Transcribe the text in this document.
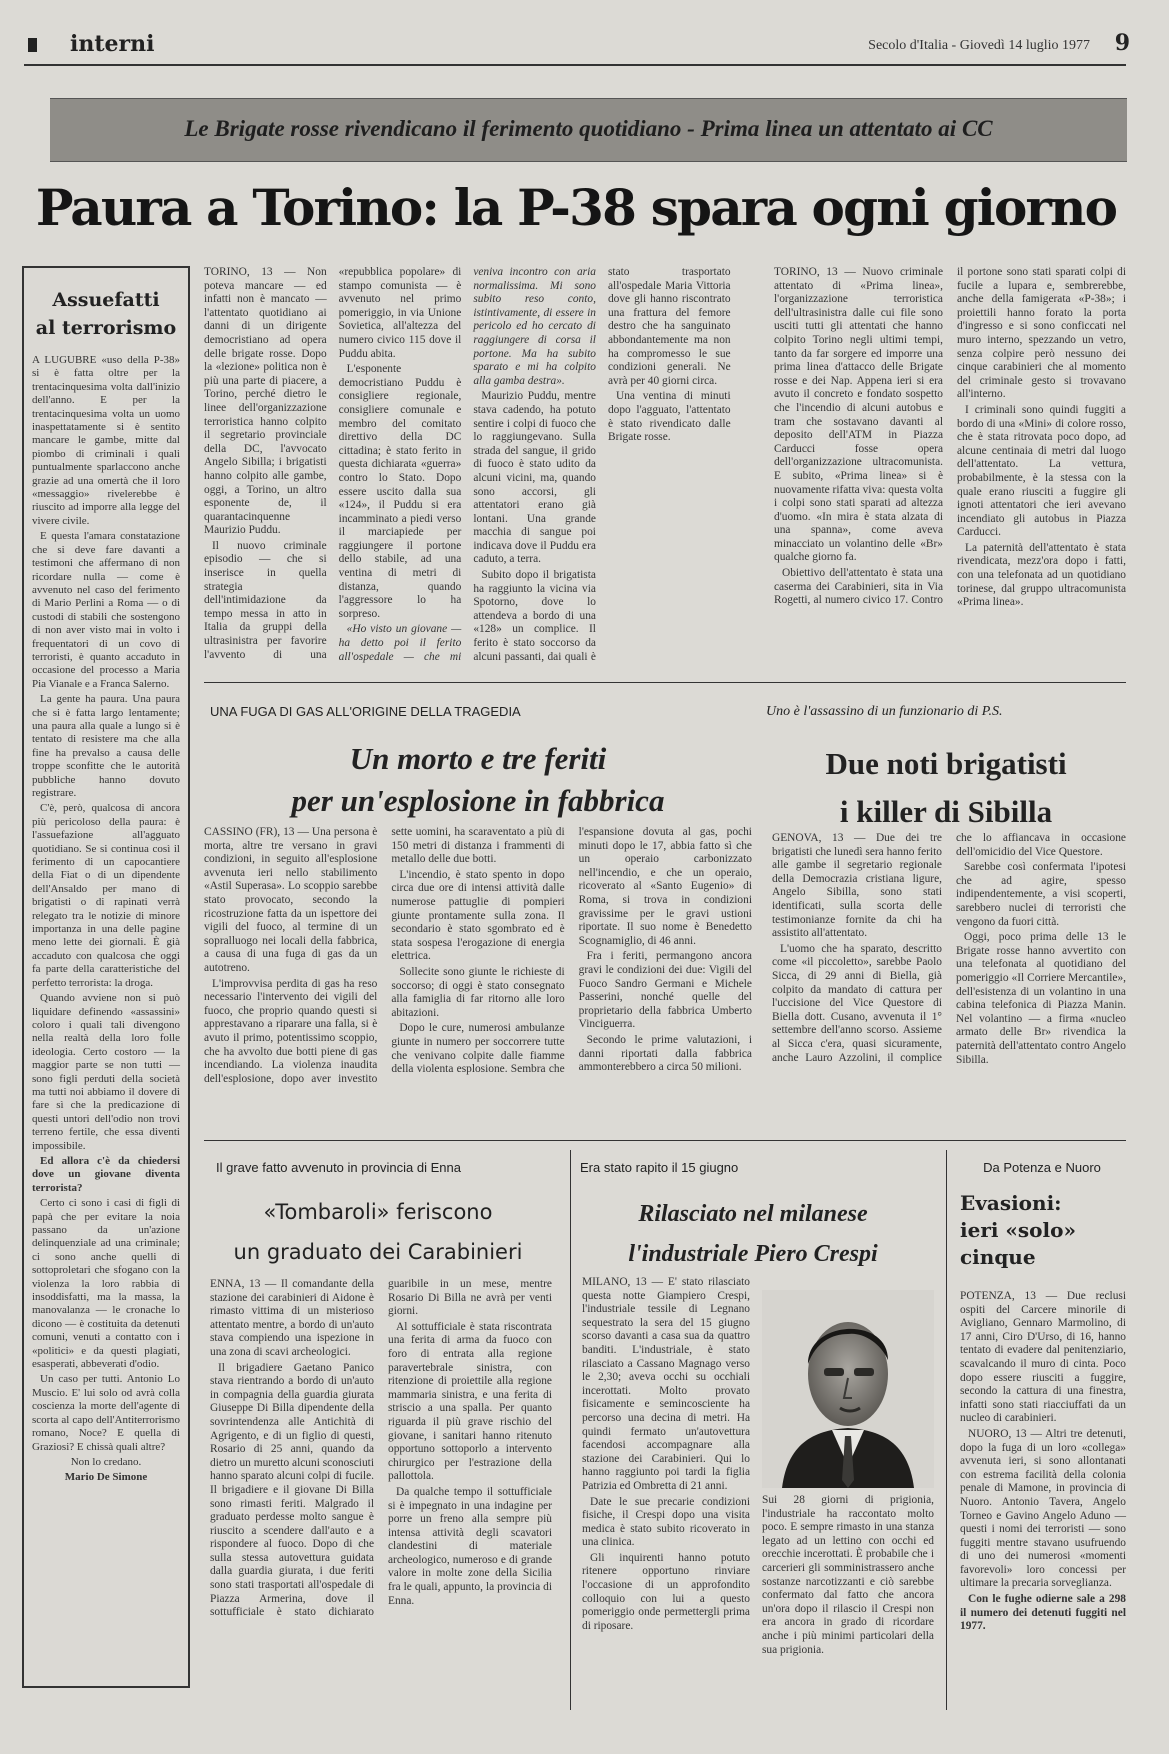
interni	Secolo d'Italia - Giovedì 14 luglio 1977	9
Le Brigate rosse rivendicano il ferimento quotidiano - Prima linea un attentato ai CC
Paura a Torino: la P-38 spara ogni giorno
Assuefatti
al terrorismo

A LUGUBRE «uso della P-38» si è fatta oltre per la trentacinquesima volta dall'inizio dell'anno. E per la trentacinquesima volta un uomo inaspettatamente si è sentito mancare le gambe, mitte dal piombo di criminali i quali puntualmente sparlaccono anche grazie ad una omertà che il loro «messaggio» rivelerebbe è riuscito ad imporre alla legge del vivere civile.

E questa l'amara constatazione che si deve fare davanti a testimoni che affermano di non ricordare nulla — come è avvenuto nel caso del ferimento di Mario Perlini a Roma — o di custodi di stabili che sostengono di non aver visto mai in volto i frequentatori di un covo di terroristi, è quanto accaduto in occasione del processo a Maria Pia Vianale e a Franca Salerno.

La gente ha paura. Una paura che si è fatta largo lentamente; una paura alla quale a lungo si è tentato di resistere ma che alla fine ha prevalso a causa delle troppe sconfitte che le autorità pubbliche hanno dovuto registrare.

C'è, però, qualcosa di ancora più pericoloso della paura: è l'assuefazione all'agguato quotidiano. Se si continua così il ferimento di un capocantiere della Fiat o di un dipendente dell'Ansaldo per mano di brigatisti o di rapinati verrà relegato tra le notizie di minore importanza in una delle pagine meno lette dei giornali. È già accaduto con qualcosa che oggi fa parte della caratteristiche del perfetto terrorista: la droga.

Quando avviene non si può liquidare definendo «assassini» coloro i quali tali divengono nella realtà della loro folle ideologia. Certo costoro — la maggior parte se non tutti — sono figli perduti della società ma tutti noi abbiamo il dovere di fare sì che la predicazione di questi untori dell'odio non trovi terreno fertile, che essa diventi impossibile.

Ed allora c'è da chiedersi dove un giovane diventa terrorista?

Certo ci sono i casi di figli di papà che per evitare la noia passano da un'azione delinquenziale ad una criminale; ci sono anche quelli di sottoproletari che sfogano con la violenza la loro rabbia di insoddisfatti, ma la massa, la manovalanza — le cronache lo dicono — è costituita da detenuti comuni, venuti a contatto con i «politici» e da questi plagiati, esasperati, abbeverati d'odio.

Un caso per tutti. Antonio Lo Muscio. E' lui solo od avrà colla coscienza la morte dell'agente di scorta al capo dell'Antiterrorismo romano, Noce? E quella di Graziosi? E chissà quali altre?

Non lo credano.

Mario De Simone

TORINO, 13 — Non poteva mancare — ed infatti non è mancato — l'attentato quotidiano ai danni di un dirigente democristiano ad opera delle brigate rosse. Dopo la «lezione» politica non è più una parte di piacere, a Torino, perché dietro le linee dell'organizzazione terroristica hanno colpito il segretario provinciale della DC, l'avvocato Angelo Sibilla; i brigatisti hanno colpito alle gambe, oggi, a Torino, un altro esponente de, il quarantacinquenne Maurizio Puddu.

Il nuovo criminale episodio — che si inserisce in quella strategia dell'intimidazione da tempo messa in atto in Italia da gruppi della ultrasinistra per favorire l'avvento di una «repubblica popolare» di stampo comunista — è avvenuto nel primo pomeriggio, in via Unione Sovietica, all'altezza del numero civico 115 dove il Puddu abita.

L'esponente democristiano Puddu è consigliere regionale, consigliere comunale e membro del comitato direttivo della DC cittadina; è stato ferito in questa dichiarata «guerra» contro lo Stato. Dopo essere uscito dalla sua «124», il Puddu si era incamminato a piedi verso il marciapiede per raggiungere il portone dello stabile, ad una ventina di metri di distanza, quando l'aggressore lo ha sorpreso.

«Ho visto un giovane — ha detto poi il ferito all'ospedale — che mi veniva incontro con aria normalissima. Mi sono subito reso conto, istintivamente, di essere in pericolo ed ho cercato di raggiungere di corsa il portone. Ma ha subito sparato e mi ha colpito alla gamba destra».

Maurizio Puddu, mentre stava cadendo, ha potuto sentire i colpi di fuoco che lo raggiungevano. Sulla strada del sangue, il grido di fuoco è stato udito da alcuni vicini, ma, quando sono accorsi, gli attentatori erano già lontani. Una grande macchia di sangue poi indicava dove il Puddu era caduto, a terra.

Subito dopo il brigatista ha raggiunto la vicina via Spotorno, dove lo attendeva a bordo di una «128» un complice. Il ferito è stato soccorso da alcuni passanti, dai quali è stato trasportato all'ospedale Maria Vittoria dove gli hanno riscontrato una frattura del femore destro che ha sanguinato abbondantemente ma non ha compromesso le sue condizioni generali. Ne avrà per 40 giorni circa.

Una ventina di minuti dopo l'agguato, l'attentato è stato rivendicato dalle Brigate rosse.

TORINO, 13 — Nuovo criminale attentato di «Prima linea», l'organizzazione terroristica dell'ultrasinistra dalle cui file sono usciti tutti gli attentati che hanno colpito Torino negli ultimi tempi, tanto da far sorgere ed imporre una prima linea d'attacco delle Brigate rosse e dei Nap. Appena ieri si era avuto il concreto e fondato sospetto che l'incendio di alcuni autobus e tram che sostavano davanti al deposito dell'ATM in Piazza Carducci fosse opera dell'organizzazione ultracomunista. E subito, «Prima linea» si è nuovamente rifatta viva: questa volta i colpi sono stati sparati ad altezza d'uomo. «In mira è stata alzata di una spanna», come aveva minacciato un volantino delle «Br» qualche giorno fa.

Obiettivo dell'attentato è stata una caserma dei Carabinieri, sita in Via Rogetti, al numero civico 17. Contro il portone sono stati sparati colpi di fucile a lupara e, sembrerebbe, anche della famigerata «P-38»; i proiettili hanno forato la porta d'ingresso e si sono conficcati nel muro interno, spezzando un vetro, senza colpire però nessuno dei cinque carabinieri che al momento del criminale gesto si trovavano all'interno.

I criminali sono quindi fuggiti a bordo di una «Mini» di colore rosso, che è stata ritrovata poco dopo, ad alcune centinaia di metri dal luogo dell'attentato. La vettura, probabilmente, è la stessa con la quale erano riusciti a fuggire gli ignoti attentatori che ieri avevano incendiato gli autobus in Piazza Carducci.

La paternità dell'attentato è stata rivendicata, mezz'ora dopo i fatti, con una telefonata ad un quotidiano torinese, dal gruppo ultracomunista «Prima linea».

UNA FUGA DI GAS ALL'ORIGINE DELLA TRAGEDIA
Un morto e tre feriti
per un'esplosione in fabbrica

CASSINO (FR), 13 — Una persona è morta, altre tre versano in gravi condizioni, in seguito all'esplosione avvenuta ieri nello stabilimento «Astil Superasa». Lo scoppio sarebbe stato provocato, secondo la ricostruzione fatta da un ispettore dei vigili del fuoco, al termine di un sopralluogo nei locali della fabbrica, a causa di una fuga di gas da un autotreno.

L'improvvisa perdita di gas ha reso necessario l'intervento dei vigili del fuoco, che proprio quando questi si apprestavano a riparare una falla, si è avuto il primo, potentissimo scoppio, che ha avvolto due botti piene di gas incendiando. La violenza inaudita dell'esplosione, dopo aver investito sette uomini, ha scaraventato a più di 150 metri di distanza i frammenti di metallo delle due botti.

L'incendio, è stato spento in dopo circa due ore di intensi attività dalle numerose pattuglie di pompieri giunte prontamente sulla zona. Il secondario è stato sgombrato ed è stata sospesa l'erogazione di energia elettrica.

Sollecite sono giunte le richieste di soccorso; di oggi è stato consegnato alla famiglia di far ritorno alle loro abitazioni.

Dopo le cure, numerosi ambulanze giunte in numero per soccorrere tutte che venivano colpite dalle fiamme della violenta esplosione. Sembra che l'espansione dovuta al gas, pochi minuti dopo le 17, abbia fatto sì che un operaio carbonizzato nell'incendio, e che un operaio, ricoverato al «Santo Eugenio» di Roma, si trova in condizioni gravissime per le gravi ustioni riportate. Il suo nome è Benedetto Scognamiglio, di 46 anni.

Fra i feriti, permangono ancora gravi le condizioni dei due: Vigili del Fuoco Sandro Germani e Michele Passerini, nonché quelle del proprietario della fabbrica Umberto Vinciguerra.

Secondo le prime valutazioni, i danni riportati dalla fabbrica ammonterebbero a circa 50 milioni.

Uno è l'assassino di un funzionario di P.S.
Due noti brigatisti
i killer di Sibilla

GENOVA, 13 — Due dei tre brigatisti che lunedì sera hanno ferito alle gambe il segretario regionale della Democrazia cristiana ligure, Angelo Sibilla, sono stati identificati, sulla scorta delle testimonianze fornite da chi ha assistito all'attentato.

L'uomo che ha sparato, descritto come «il piccoletto», sarebbe Paolo Sicca, di 29 anni di Biella, già colpito da mandato di cattura per l'uccisione del Vice Questore di Biella dott. Cusano, avvenuta il 1° settembre dell'anno scorso. Assieme al Sicca c'era, quasi sicuramente, anche Lauro Azzolini, il complice che lo affiancava in occasione dell'omicidio del Vice Questore.

Sarebbe così confermata l'ipotesi che ad agire, spesso indipendentemente, a visi scoperti, sarebbero nuclei di terroristi che vengono da fuori città.

Oggi, poco prima delle 13 le Brigate rosse hanno avvertito con una telefonata al quotidiano del pomeriggio «Il Corriere Mercantile», dell'esistenza di un volantino in una cabina telefonica di Piazza Manin. Nel volantino — a firma «nucleo armato delle Br» rivendica la paternità dell'attentato contro Angelo Sibilla.

Il grave fatto avvenuto in provincia di Enna
«Tombaroli» feriscono
un graduato dei Carabinieri

ENNA, 13 — Il comandante della stazione dei carabinieri di Aidone è rimasto vittima di un misterioso attentato mentre, a bordo di un'auto stava compiendo una ispezione in una zona di scavi archeologici.

Il brigadiere Gaetano Panico stava rientrando a bordo di un'auto in compagnia della guardia giurata Giuseppe Di Billa dipendente della sovrintendenza alle Antichità di Agrigento, e di un figlio di questi, Rosario di 25 anni, quando da dietro un muretto alcuni sconosciuti hanno sparato alcuni colpi di fucile. Il brigadiere e il giovane Di Billa sono rimasti feriti. Malgrado il graduato perdesse molto sangue è riuscito a scendere dall'auto e a rispondere al fuoco. Dopo di che sulla stessa autovettura guidata dalla guardia giurata, i due feriti sono stati trasportati all'ospedale di Piazza Armerina, dove il sottufficiale è stato dichiarato guaribile in un mese, mentre Rosario Di Billa ne avrà per venti giorni.

Al sottufficiale è stata riscontrata una ferita di arma da fuoco con foro di entrata alla regione paravertebrale sinistra, con ritenzione di proiettile alla regione mammaria sinistra, e una ferita di striscio a una spalla. Per quanto riguarda il più grave rischio del giovane, i sanitari hanno ritenuto opportuno sottoporlo a intervento chirurgico per l'estrazione della pallottola.

Da qualche tempo il sottufficiale si è impegnato in una indagine per porre un freno alla sempre più intensa attività degli scavatori clandestini di materiale archeologico, numeroso e di grande valore in molte zone della Sicilia fra le quali, appunto, la provincia di Enna.

Era stato rapito il 15 giugno
Rilasciato nel milanese
l'industriale Piero Crespi

MILANO, 13 — E' stato rilasciato questa notte Giampiero Crespi, l'industriale tessile di Legnano sequestrato la sera del 15 giugno scorso davanti a casa sua da quattro banditi. L'industriale, è stato rilasciato a Cassano Magnago verso le 2,30; aveva occhi su occhiali incerottati. Molto provato fisicamente e semincosciente ha percorso una decina di metri. Ha quindi fermato un'autovettura facendosi accompagnare alla stazione dei Carabinieri. Qui lo hanno raggiunto poi tardi la figlia Patrizia ed Ombretta di 21 anni.

Date le sue precarie condizioni fisiche, il Crespi dopo una visita medica è stato subito ricoverato in una clinica.

Gli inquirenti hanno potuto ritenere opportuno rinviare l'occasione di un approfondito colloquio con lui a questo pomeriggio onde permettergli prima di riposare.

Sui 28 giorni di prigionia, l'industriale ha raccontato molto poco. E sempre rimasto in una stanza legato ad un lettino con occhi ed orecchie incerottati. È probabile che i carcerieri gli somministrassero anche sostanze narcotizzanti e ciò sarebbe confermato dal fatto che ancora un'ora dopo il rilascio il Crespi non era ancora in grado di ricordare anche i più minimi particolari della sua prigionia.

Da Potenza e Nuoro
Evasioni:
ieri «solo»
cinque

POTENZA, 13 — Due reclusi ospiti del Carcere minorile di Avigliano, Gennaro Marmolino, di 17 anni, Ciro D'Urso, di 16, hanno tentato di evadere dal penitenziario, scavalcando il muro di cinta. Poco dopo essere riusciti a fuggire, secondo la cattura di una finestra, infatti sono stati riacciuffati da un nucleo di carabinieri.

NUORO, 13 — Altri tre detenuti, dopo la fuga di un loro «collega» avvenuta ieri, si sono allontanati con estrema facilità della colonia penale di Mamone, in provincia di Nuoro. Antonio Tavera, Angelo Torneo e Gavino Angelo Aduno — questi i nomi dei terroristi — sono fuggiti mentre stavano usufruendo di uno dei numerosi «momenti favorevoli» loro concessi per ultimare la precaria sorveglianza.

Con le fughe odierne sale a 298 il numero dei detenuti fuggiti nel 1977.
